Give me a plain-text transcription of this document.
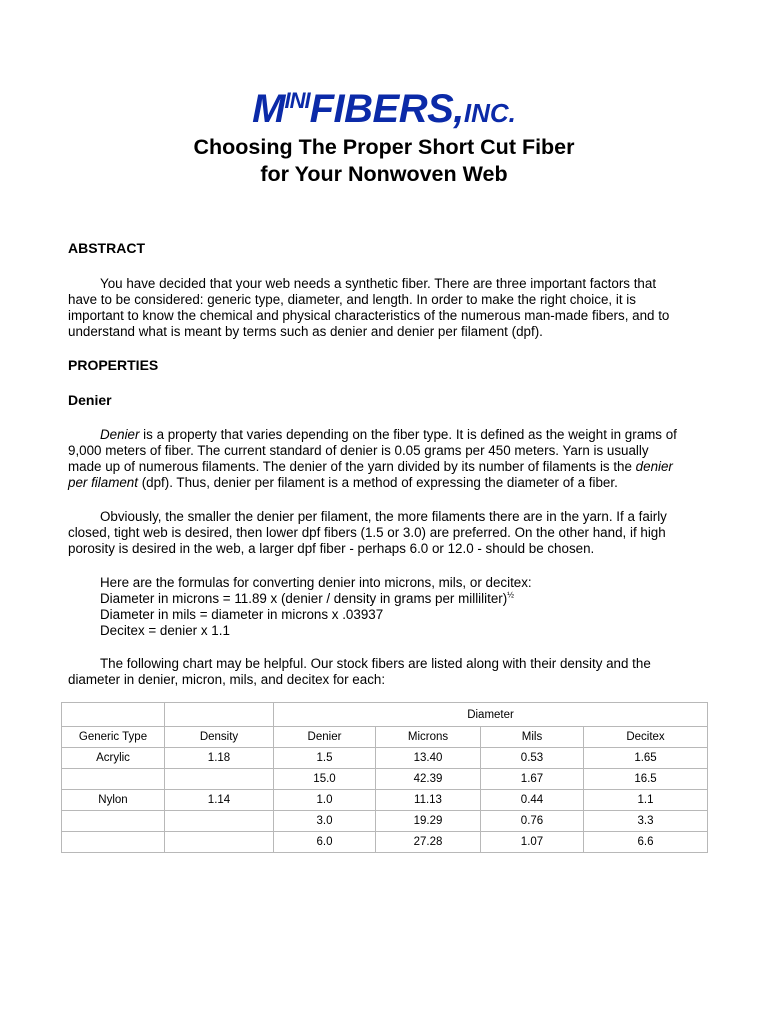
MINIFIBERS,INC.
Choosing The Proper Short Cut Fiber
for Your Nonwoven Web
ABSTRACT
You have decided that your web needs a synthetic fiber. There are three important factors that
have to be considered: generic type, diameter, and length. In order to make the right choice, it is
important to know the chemical and physical characteristics of the numerous man-made fibers, and to
understand what is meant by terms such as denier and denier per filament (dpf).
PROPERTIES
Denier
Denier is a property that varies depending on the fiber type. It is defined as the weight in grams of
9,000 meters of fiber. The current standard of denier is 0.05 grams per 450 meters. Yarn is usually
made up of numerous filaments. The denier of the yarn divided by its number of filaments is the denier
per filament (dpf). Thus, denier per filament is a method of expressing the diameter of a fiber.
Obviously, the smaller the denier per filament, the more filaments there are in the yarn. If a fairly
closed, tight web is desired, then lower dpf fibers (1.5 or 3.0) are preferred. On the other hand, if high
porosity is desired in the web, a larger dpf fiber - perhaps 6.0 or 12.0 - should be chosen.
Here are the formulas for converting denier into microns, mils, or decitex:
Diameter in microns = 11.89 x (denier / density in grams per milliliter)$^{\frac{1}{2}}$
Diameter in mils = diameter in microns x .03937
Decitex = denier x 1.1
The following chart may be helpful. Our stock fibers are listed along with their density and the
diameter in denier, micron, mils, and decitex for each:
		Diameter			
Generic Type	Density	Denier	Microns	Mils	Decitex
Acrylic	1.18	1.5	13.40	0.53	1.65
		15.0	42.39	1.67	16.5
Nylon	1.14	1.0	11.13	0.44	1.1
		3.0	19.29	0.76	3.3
		6.0	27.28	1.07	6.6
